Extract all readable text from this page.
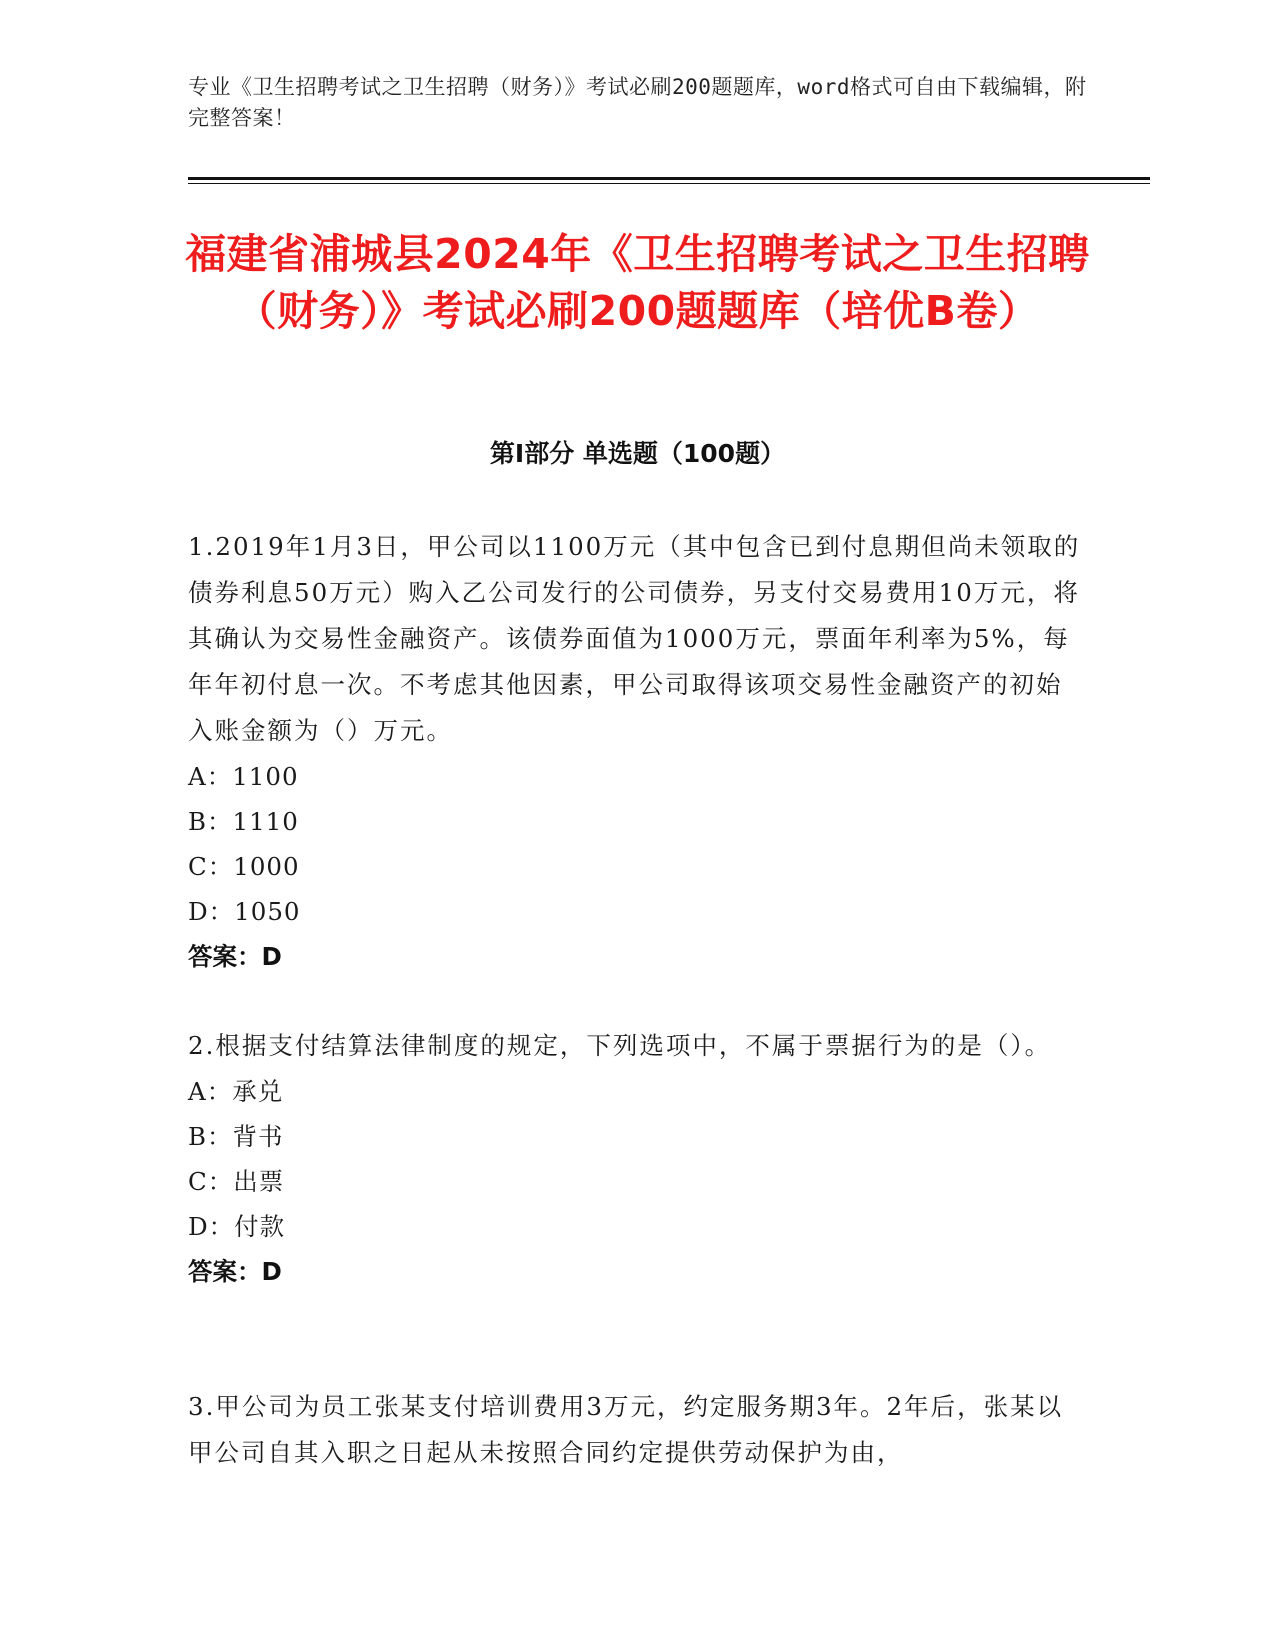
专业《卫生招聘考试之卫生招聘（财务）》考试必刷200题题库，word格式可自由下载编辑，附完整答案！
福建省浦城县2024年《卫生招聘考试之卫生招聘（财务）》考试必刷200题题库（培优B卷）
第I部分 单选题（100题）

1.2019年1月3日，甲公司以1100万元（其中包含已到付息期但尚未领取的债券利息50万元）购入乙公司发行的公司债券，另支付交易费用10万元，将其确认为交易性金融资产。该债券面值为1000万元，票面年利率为5%，每年年初付息一次。不考虑其他因素，甲公司取得该项交易性金融资产的初始入账金额为（）万元。

A：1100

B：1110

C：1000

D：1050

答案：D

2.根据支付结算法律制度的规定，下列选项中，不属于票据行为的是（）。

A：承兑

B：背书

C：出票

D：付款

答案：D

3.甲公司为员工张某支付培训费用3万元，约定服务期3年。2年后，张某以甲公司自其入职之日起从未按照合同约定提供劳动保护为由，
